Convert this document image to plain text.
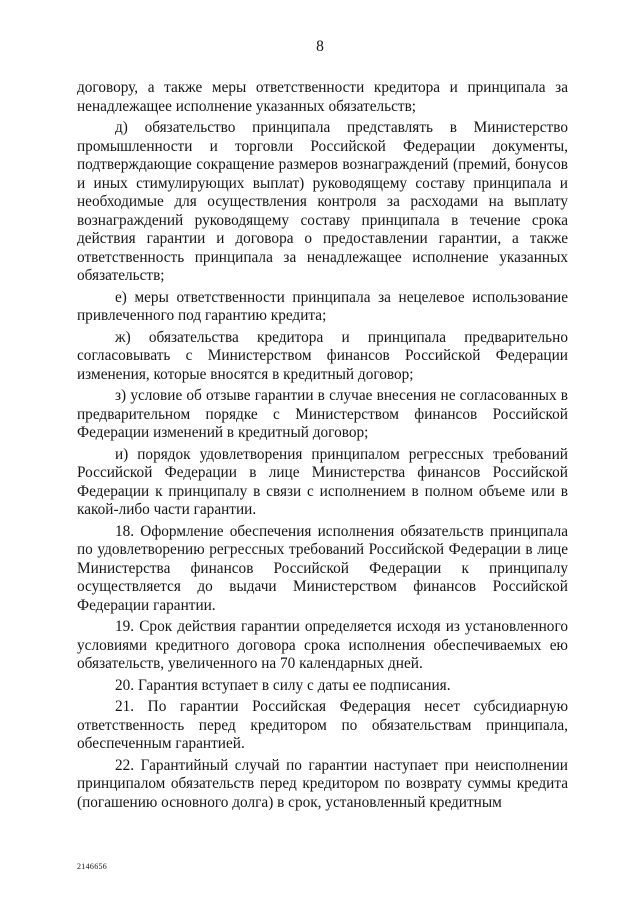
8

договору, а также меры ответственности кредитора и принципала за ненадлежащее исполнение указанных обязательств;

д) обязательство принципала представлять в Министерство промышленности и торговли Российской Федерации документы, подтверждающие сокращение размеров вознаграждений (премий, бонусов и иных стимулирующих выплат) руководящему составу принципала и необходимые для осуществления контроля за расходами на выплату вознаграждений руководящему составу принципала в течение срока действия гарантии и договора о предоставлении гарантии, а также ответственность принципала за ненадлежащее исполнение указанных обязательств;

е) меры ответственности принципала за нецелевое использование привлеченного под гарантию кредита;

ж) обязательства кредитора и принципала предварительно согласовывать с Министерством финансов Российской Федерации изменения, которые вносятся в кредитный договор;

з) условие об отзыве гарантии в случае внесения не согласованных в предварительном порядке с Министерством финансов Российской Федерации изменений в кредитный договор;

и) порядок удовлетворения принципалом регрессных требований Российской Федерации в лице Министерства финансов Российской Федерации к принципалу в связи с исполнением в полном объеме или в какой-либо части гарантии.

18. Оформление обеспечения исполнения обязательств принципала по удовлетворению регрессных требований Российской Федерации в лице Министерства финансов Российской Федерации к принципалу осуществляется до выдачи Министерством финансов Российской Федерации гарантии.

19. Срок действия гарантии определяется исходя из установленного условиями кредитного договора срока исполнения обеспечиваемых ею обязательств, увеличенного на 70 календарных дней.

20. Гарантия вступает в силу с даты ее подписания.

21. По гарантии Российская Федерация несет субсидиарную ответственность перед кредитором по обязательствам принципала, обеспеченным гарантией.

22. Гарантийный случай по гарантии наступает при неисполнении принципалом обязательств перед кредитором по возврату суммы кредита (погашению основного долга) в срок, установленный кредитным

2146656
